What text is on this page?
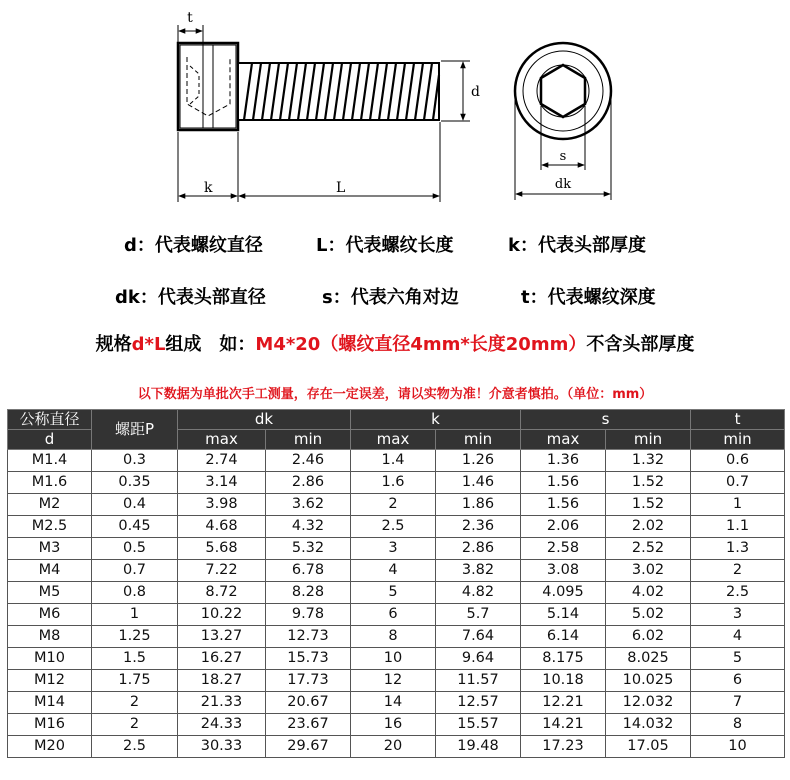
t
d
k	L
s
dk
d：代表螺纹直径	L：代表螺纹长度	k：代表头部厚度
dk：代表头部直径	s：代表六角对边	t：代表螺纹深度
规格d*L组成　如：M4*20（螺纹直径4mm*长度20mm）不含头部厚度
以下数据为单批次手工测量，存在一定误差，请以实物为准！介意者慎拍。（单位：mm）
公称直径	螺距P	dk		k		s		t
d		max	min	max	min	max	min	min
M1.4	0.3	2.74	2.46	1.4	1.26	1.36	1.32	0.6
M1.6	0.35	3.14	2.86	1.6	1.46	1.56	1.52	0.7
M2	0.4	3.98	3.62	2	1.86	1.56	1.52	1
M2.5	0.45	4.68	4.32	2.5	2.36	2.06	2.02	1.1
M3	0.5	5.68	5.32	3	2.86	2.58	2.52	1.3
M4	0.7	7.22	6.78	4	3.82	3.08	3.02	2
M5	0.8	8.72	8.28	5	4.82	4.095	4.02	2.5
M6	1	10.22	9.78	6	5.7	5.14	5.02	3
M8	1.25	13.27	12.73	8	7.64	6.14	6.02	4
M10	1.5	16.27	15.73	10	9.64	8.175	8.025	5
M12	1.75	18.27	17.73	12	11.57	10.18	10.025	6
M14	2	21.33	20.67	14	12.57	12.21	12.032	7
M16	2	24.33	23.67	16	15.57	14.21	14.032	8
M20	2.5	30.33	29.67	20	19.48	17.23	17.05	10
